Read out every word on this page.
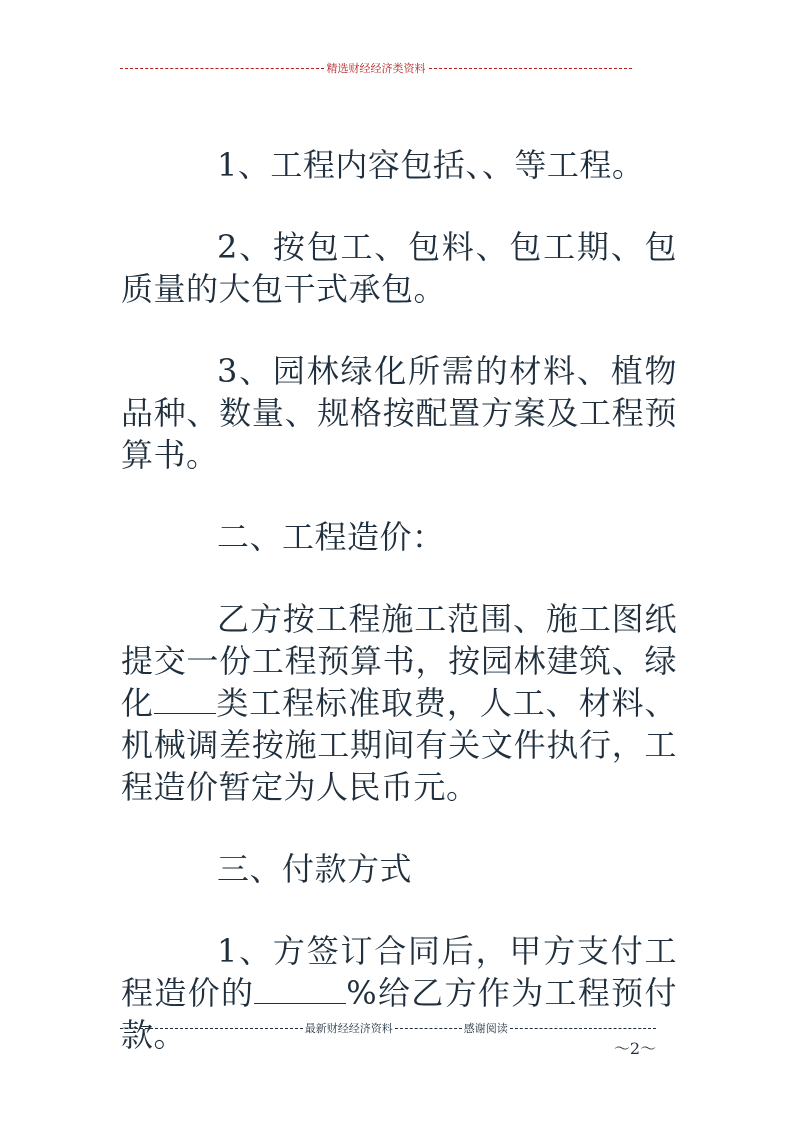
精选财经经济类资料

1、工程内容包括、、等工程。

2、按包工、包料、包工期、包质量的大包干式承包。

3、园林绿化所需的材料、植物品种、数量、规格按配置方案及工程预算书。

二、工程造价：

乙方按工程施工范围、施工图纸提交一份工程预算书，按园林建筑、绿化 类工程标准取费，人工、材料、机械调差按施工期间有关文件执行，工程造价暂定为人民币元。

三、付款方式

1、方签订合同后，甲方支付工程造价的	%给乙方作为工程预付款。	最新财经经济资料	感谢阅读
～2～
